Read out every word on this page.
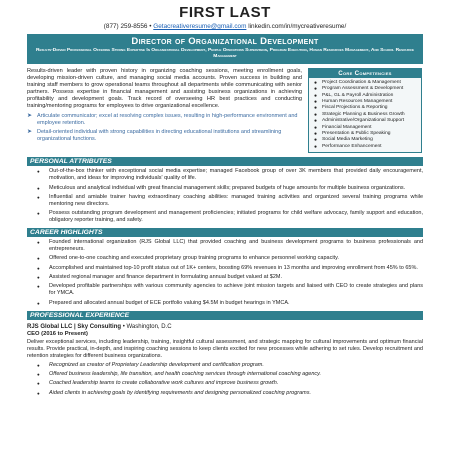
FIRST LAST
(877) 259-8556 • Getacreativeresume@gmail.com linkedin.com/in/mycreativeresume/
Director of Organizational Development
Results-Driven Professional Offering Strong Expertise In Organizational Development, People Operations Supervision, Program Execution, Human Resources Management, And School Resource Management

Results-driven leader with proven history in organizing coaching sessions, meeting enrollment goals, developing mission-driven culture, and managing social media accounts. Proven success in building and training staff members to grow operational teams throughout all departments while communicating with senior partners. Possess expertise in financial management and assisting business organizations in achieving profitability and development goals. Track record of overseeing HR best practices and conducting training/mentoring programs for employees to drive organizational excellence.

➤ Articulate communicator; excel at resolving complex issues, resulting in high-performance environment and employee retention.
➤ Detail-oriented individual with strong capabilities in directing educational institutions and streamlining organizational functions.
Core Competencies
●	Project Coordination & Management
●	Program Assessment & Development
●	P&L, GL & Payroll Administration
●	Human Resources Management
●	Fiscal Projections & Reporting
●	Strategic Planning & Business Growth
●	Administrative/Organizational Support
●	Financial Management
●	Presentation & Public Speaking
●	Social Media Marketing
●	Performance Enhancement
PERSONAL ATTRIBUTES
● Out-of-the-box thinker with exceptional social media expertise; managed Facebook group of over 3K members that provided daily encouragement, motivation, and ideas for improving individuals' quality of life.
● Meticulous and analytical individual with great financial management skills; prepared budgets of huge amounts for multiple business organizations.
● Influential and amiable trainer having extraordinary coaching abilities: managed training activities and organized several training programs while mentoring new directors.
● Possess outstanding program development and management proficiencies; initiated programs for child welfare advocacy, family support and education, obligatory reporter training, and safety.
CAREER HIGHLIGHTS
● Founded international organization (RJS Global LLC) that provided coaching and business development programs to business professionals and entrepreneurs.
● Offered one-to-one coaching and executed proprietary group training programs to enhance personnel working capacity.
● Accomplished and maintained top-10 profit status out of 1K+ centers, boosting 69% revenues in 13 months and improving enrollment from 45% to 65%.
● Assisted regional manager and finance department in formulating annual budget valued at $2M.
● Developed profitable partnerships with various community agencies to achieve joint mission targets and liaised with CEO to create strategies and plans for YMCA.
● Prepared and allocated annual budget of ECE portfolio valuing $4.5M in budget hearings in YMCA.
PROFESSIONAL EXPERIENCE
RJS Global LLC | Sky Consulting • Washington, D.C
CEO (2016 to Present)

Deliver exceptional services, including leadership, training, insightful cultural assessment, and strategic mapping for cultural improvements and optimum financial results. Provide practical, in-depth, and inspiring coaching sessions to keep clients excited for new processes while adhering to set rules. Develop recruitment and retention strategies for different business organizations.

● Recognized as creator of Proprietary Leadership development and certification program.
● Offered business leadership, life transition, and health coaching services through international coaching agency.
● Coached leadership teams to create collaborative work cultures and improve business growth.
● Aided clients in achieving goals by identifying requirements and designing personalized coaching programs.
